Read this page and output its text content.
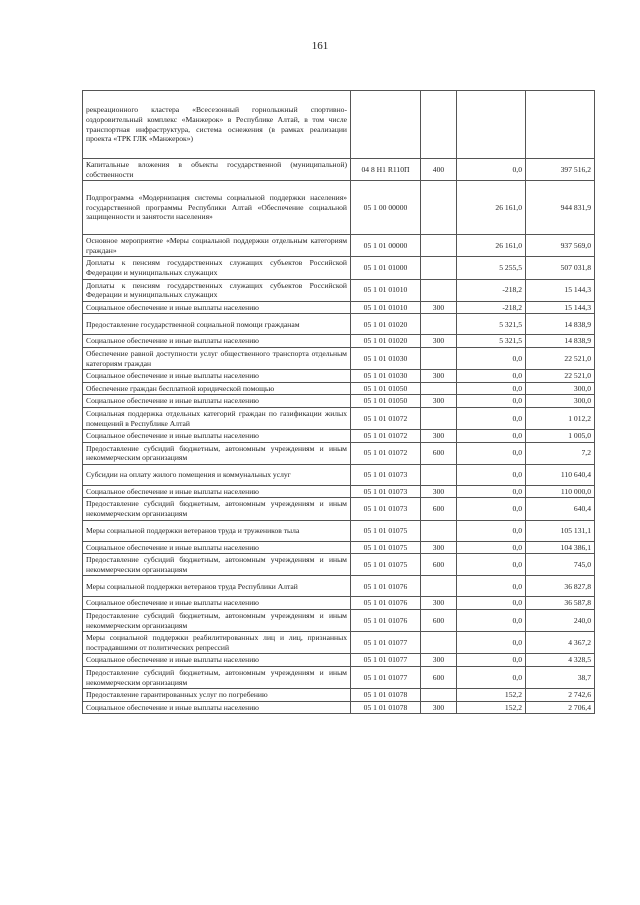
161
рекреационного кластера «Всесезонный горнолыжный спортивно-оздоровительный комплекс «Манжерок» в Республике Алтай, в том числе транспортная инфраструктура, система оснежения (в рамках реализации проекта «ТРК ГЛК «Манжерок»)				
Капитальные вложения в объекты государственной (муниципальной) собственности	04 8 Н1 R110П	400	0,0	397 516,2
Подпрограмма «Модернизация системы социальной поддержки населения» государственной программы Республики Алтай «Обеспечение социальной защищенности и занятости населения»	05 1 00 00000		26 161,0	944 831,9
Основное мероприятие «Меры социальной поддержки отдельным категориям граждан»	05 1 01 00000		26 161,0	937 569,0
Доплаты к пенсиям государственных служащих субъектов Российской Федерации и муниципальных служащих	05 1 01 01000		5 255,5	507 031,8
Доплаты к пенсиям государственных служащих субъектов Российской Федерации и муниципальных служащих	05 1 01 01010		-218,2	15 144,3
Социальное обеспечение и иные выплаты населению	05 1 01 01010	300	-218,2	15 144,3
Предоставление государственной социальной помощи гражданам	05 1 01 01020		5 321,5	14 838,9
Социальное обеспечение и иные выплаты населению	05 1 01 01020	300	5 321,5	14 838,9
Обеспечение равной доступности услуг общественного транспорта отдельным категориям граждан	05 1 01 01030		0,0	22 521,0
Социальное обеспечение и иные выплаты населению	05 1 01 01030	300	0,0	22 521,0
Обеспечение граждан бесплатной юридической помощью	05 1 01 01050		0,0	300,0
Социальное обеспечение и иные выплаты населению	05 1 01 01050	300	0,0	300,0
Социальная поддержка отдельных категорий граждан по газификации жилых помещений в Республике Алтай	05 1 01 01072		0,0	1 012,2
Социальное обеспечение и иные выплаты населению	05 1 01 01072	300	0,0	1 005,0
Предоставление субсидий бюджетным, автономным учреждениям и иным некоммерческим организациям	05 1 01 01072	600	0,0	7,2
Субсидии на оплату жилого помещения и коммунальных услуг	05 1 01 01073		0,0	110 640,4
Социальное обеспечение и иные выплаты населению	05 1 01 01073	300	0,0	110 000,0
Предоставление субсидий бюджетным, автономным учреждениям и иным некоммерческим организациям	05 1 01 01073	600	0,0	640,4
Меры социальной поддержки ветеранов труда и тружеников тыла	05 1 01 01075		0,0	105 131,1
Социальное обеспечение и иные выплаты населению	05 1 01 01075	300	0,0	104 386,1
Предоставление субсидий бюджетным, автономным учреждениям и иным некоммерческим организациям	05 1 01 01075	600	0,0	745,0
Меры социальной поддержки ветеранов труда Республики Алтай	05 1 01 01076		0,0	36 827,8
Социальное обеспечение и иные выплаты населению	05 1 01 01076	300	0,0	36 587,8
Предоставление субсидий бюджетным, автономным учреждениям и иным некоммерческим организациям	05 1 01 01076	600	0,0	240,0
Меры социальной поддержки реабилитированных лиц и лиц, признанных пострадавшими от политических репрессий	05 1 01 01077		0,0	4 367,2
Социальное обеспечение и иные выплаты населению	05 1 01 01077	300	0,0	4 328,5
Предоставление субсидий бюджетным, автономным учреждениям и иным некоммерческим организациям	05 1 01 01077	600	0,0	38,7
Предоставление гарантированных услуг по погребению	05 1 01 01078		152,2	2 742,6
Социальное обеспечение и иные выплаты населению	05 1 01 01078	300	152,2	2 706,4
